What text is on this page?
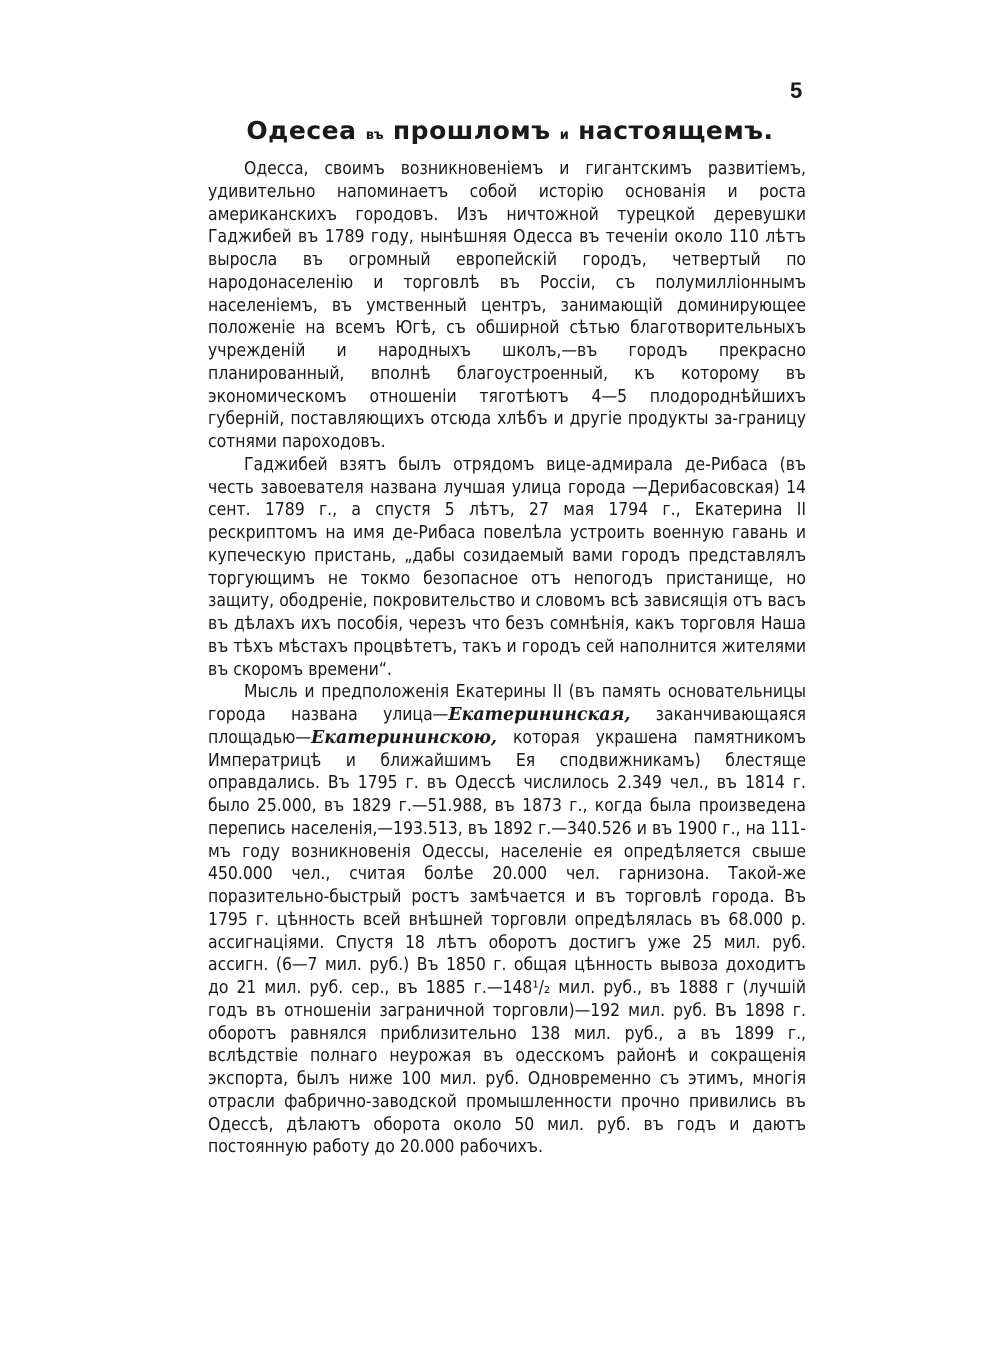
5
Одесеа въ прошломъ и настоящемъ.

Одесса, своимъ возникновенiемъ и гигантскимъ развитiемъ, удивительно напоминаетъ собой исторiю основанiя и роста американскихъ городовъ. Изъ ничтожной турецкой деревушки Гаджибей въ 1789 году, нынѣшняя Одесса въ теченiи около 110 лѣтъ выросла въ огромный европейскiй городъ, четвертый по народонаселенiю и торговлѣ въ Россiи, съ полумиллiоннымъ населенiемъ, въ умственный центръ, занимающiй доминирующее положенiе на всемъ Югѣ, съ обширной сѣтью благотворительныхъ учрежденiй и народныхъ школъ,—въ городъ прекрасно планированный, вполнѣ благоустроенный, къ которому въ экономическомъ отношенiи тяготѣютъ 4—5 плодороднѣйшихъ губернiй, поставляющихъ отсюда хлѣбъ и другiе продукты за-границу сотнями пароходовъ.

Гаджибей взятъ былъ отрядомъ вице-адмирала де-Рибаса (въ честь завоевателя названа лучшая улица города —Дерибасовская) 14 сент. 1789 г., а спустя 5 лѣтъ, 27 мая 1794 г., Екатерина II рескриптомъ на имя де-Рибаса повелѣла устроить военную гавань и купеческую пристань, „дабы созидаемый вами городъ представлялъ торгующимъ не токмо безопасное отъ непогодъ пристанище, но защиту, ободренiе, покровительство и словомъ всѣ зависящiя отъ васъ въ дѣлахъ ихъ пособiя, черезъ что безъ сомнѣнiя, какъ торговля Наша въ тѣхъ мѣстахъ процвѣтетъ, такъ и городъ сей наполнится жителями въ скоромъ времени“.

Мысль и предположенiя Екатерины II (въ память основательницы города названа улица—Екатерининская, заканчивающаяся площадью—Екатерининскою, которая украшена памятникомъ Императрицѣ и ближайшимъ Ея сподвижникамъ) блестяще оправдались. Въ 1795 г. въ Одессѣ числилось 2.349 чел., въ 1814 г. было 25.000, въ 1829 г.—51.988, въ 1873 г., когда была произведена перепись населенiя,—193.513, въ 1892 г.—340.526 и въ 1900 г., на 111-мъ году возникновенiя Одессы, населенiе ея опредѣляется свыше 450.000 чел., считая болѣе 20.000 чел. гарнизона. Такой-же поразительно-быстрый ростъ замѣчается и въ торговлѣ города. Въ 1795 г. цѣнность всей внѣшней торговли опредѣлялась въ 68.000 р. ассигнацiями. Спустя 18 лѣтъ оборотъ достигъ уже 25 мил. руб. ассигн. (6—7 мил. руб.) Въ 1850 г. общая цѣнность вывоза доходитъ до 21 мил. руб. сер., въ 1885 г.—148¹/₂ мил. руб., въ 1888 г (лучшiй годъ въ отношенiи заграничной торговли)—192 мил. руб. Въ 1898 г. оборотъ равнялся приблизительно 138 мил. руб., а въ 1899 г., вслѣдствiе полнаго неурожая въ одесскомъ районѣ и сокращенiя экспорта, былъ ниже 100 мил. руб. Одновременно съ этимъ, многiя отрасли фабрично-заводской промышленности прочно привились въ Одессѣ, дѣлаютъ оборота около 50 мил. руб. въ годъ и даютъ постоянную работу до 20.000 рабочихъ.
